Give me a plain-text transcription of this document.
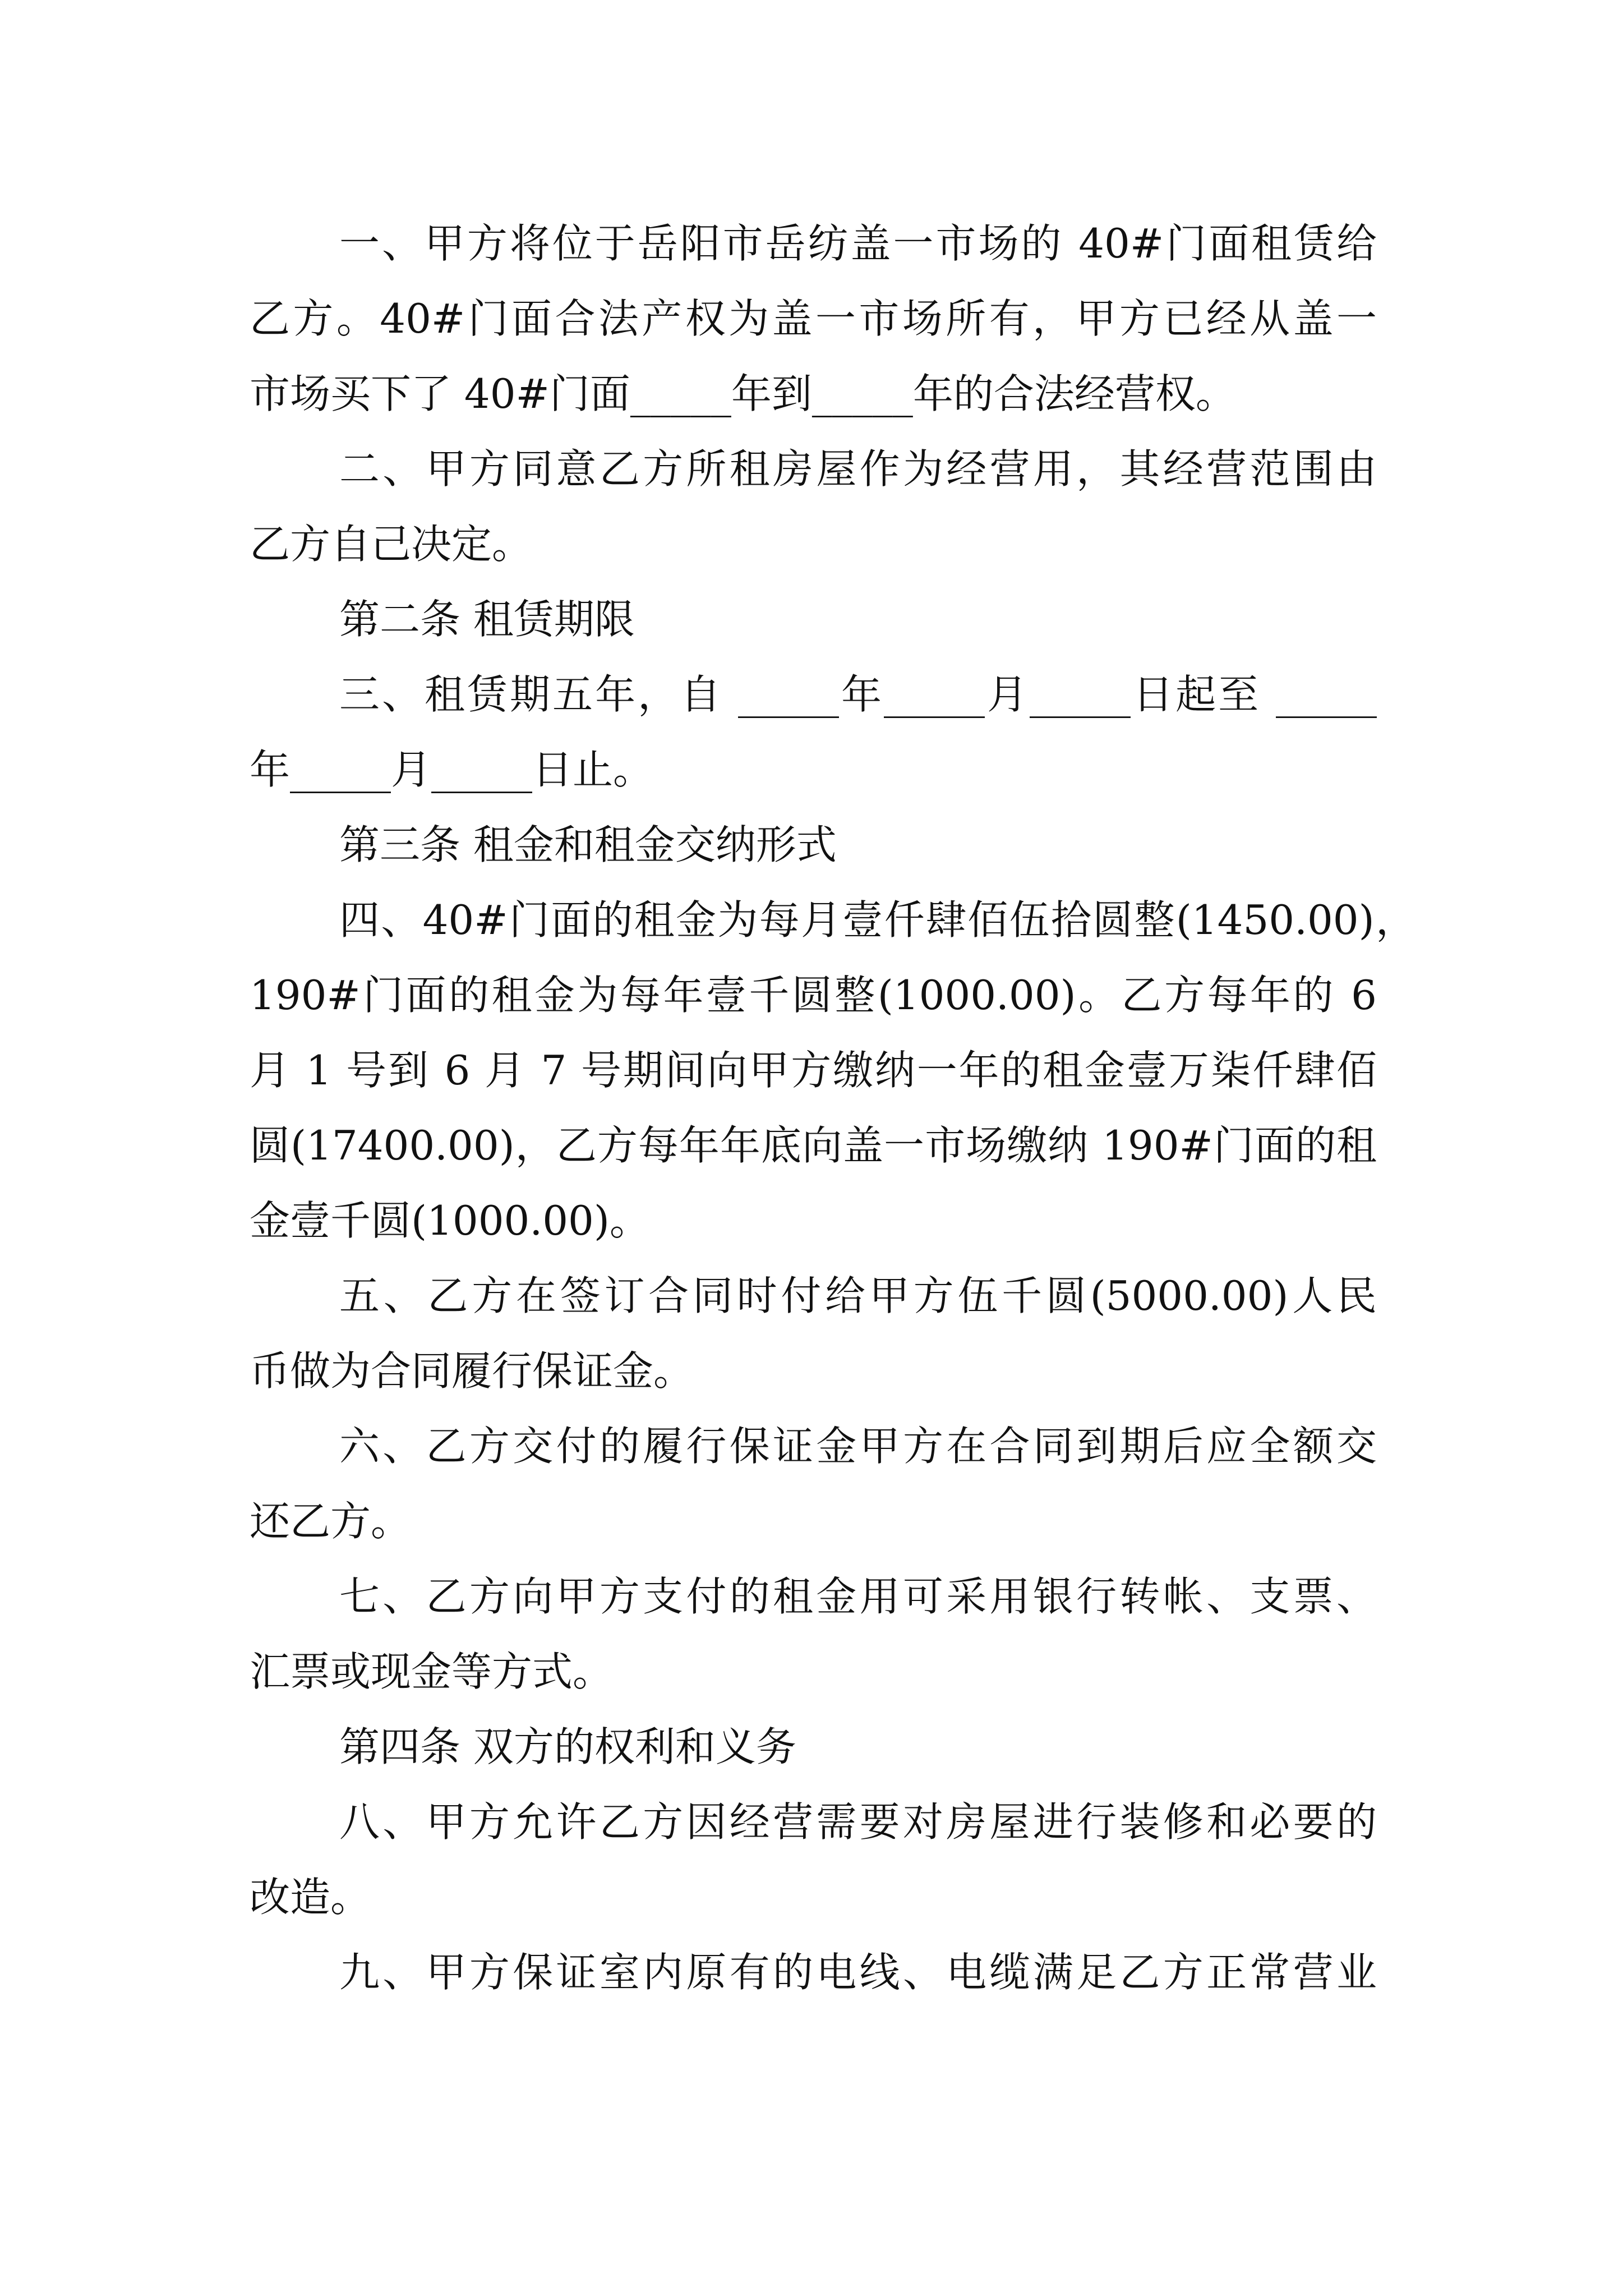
一、甲方将位于岳阳市岳纺盖一市场的 40#门面租赁给
乙方。40#门面合法产权为盖一市场所有，甲方已经从盖一
市场买下了 40#门面_____年到_____年的合法经营权。
二、甲方同意乙方所租房屋作为经营用，其经营范围由
乙方自己决定。
第二条 租赁期限
三、租赁期五年，自 _____年_____月_____日起至 _____
年_____月_____日止。
第三条 租金和租金交纳形式
四、40#门面的租金为每月壹仟肆佰伍拾圆整(1450.00)，
190#门面的租金为每年壹千圆整(1000.00)。乙方每年的 6
月 1 号到 6 月 7 号期间向甲方缴纳一年的租金壹万柒仟肆佰
圆(17400.00)，乙方每年年底向盖一市场缴纳 190#门面的租
金壹千圆(1000.00)。
五、乙方在签订合同时付给甲方伍千圆(5000.00)人民
币做为合同履行保证金。
六、乙方交付的履行保证金甲方在合同到期后应全额交
还乙方。
七、乙方向甲方支付的租金用可采用银行转帐、支票、
汇票或现金等方式。
第四条 双方的权利和义务
八、甲方允许乙方因经营需要对房屋进行装修和必要的
改造。
九、甲方保证室内原有的电线、电缆满足乙方正常营业
